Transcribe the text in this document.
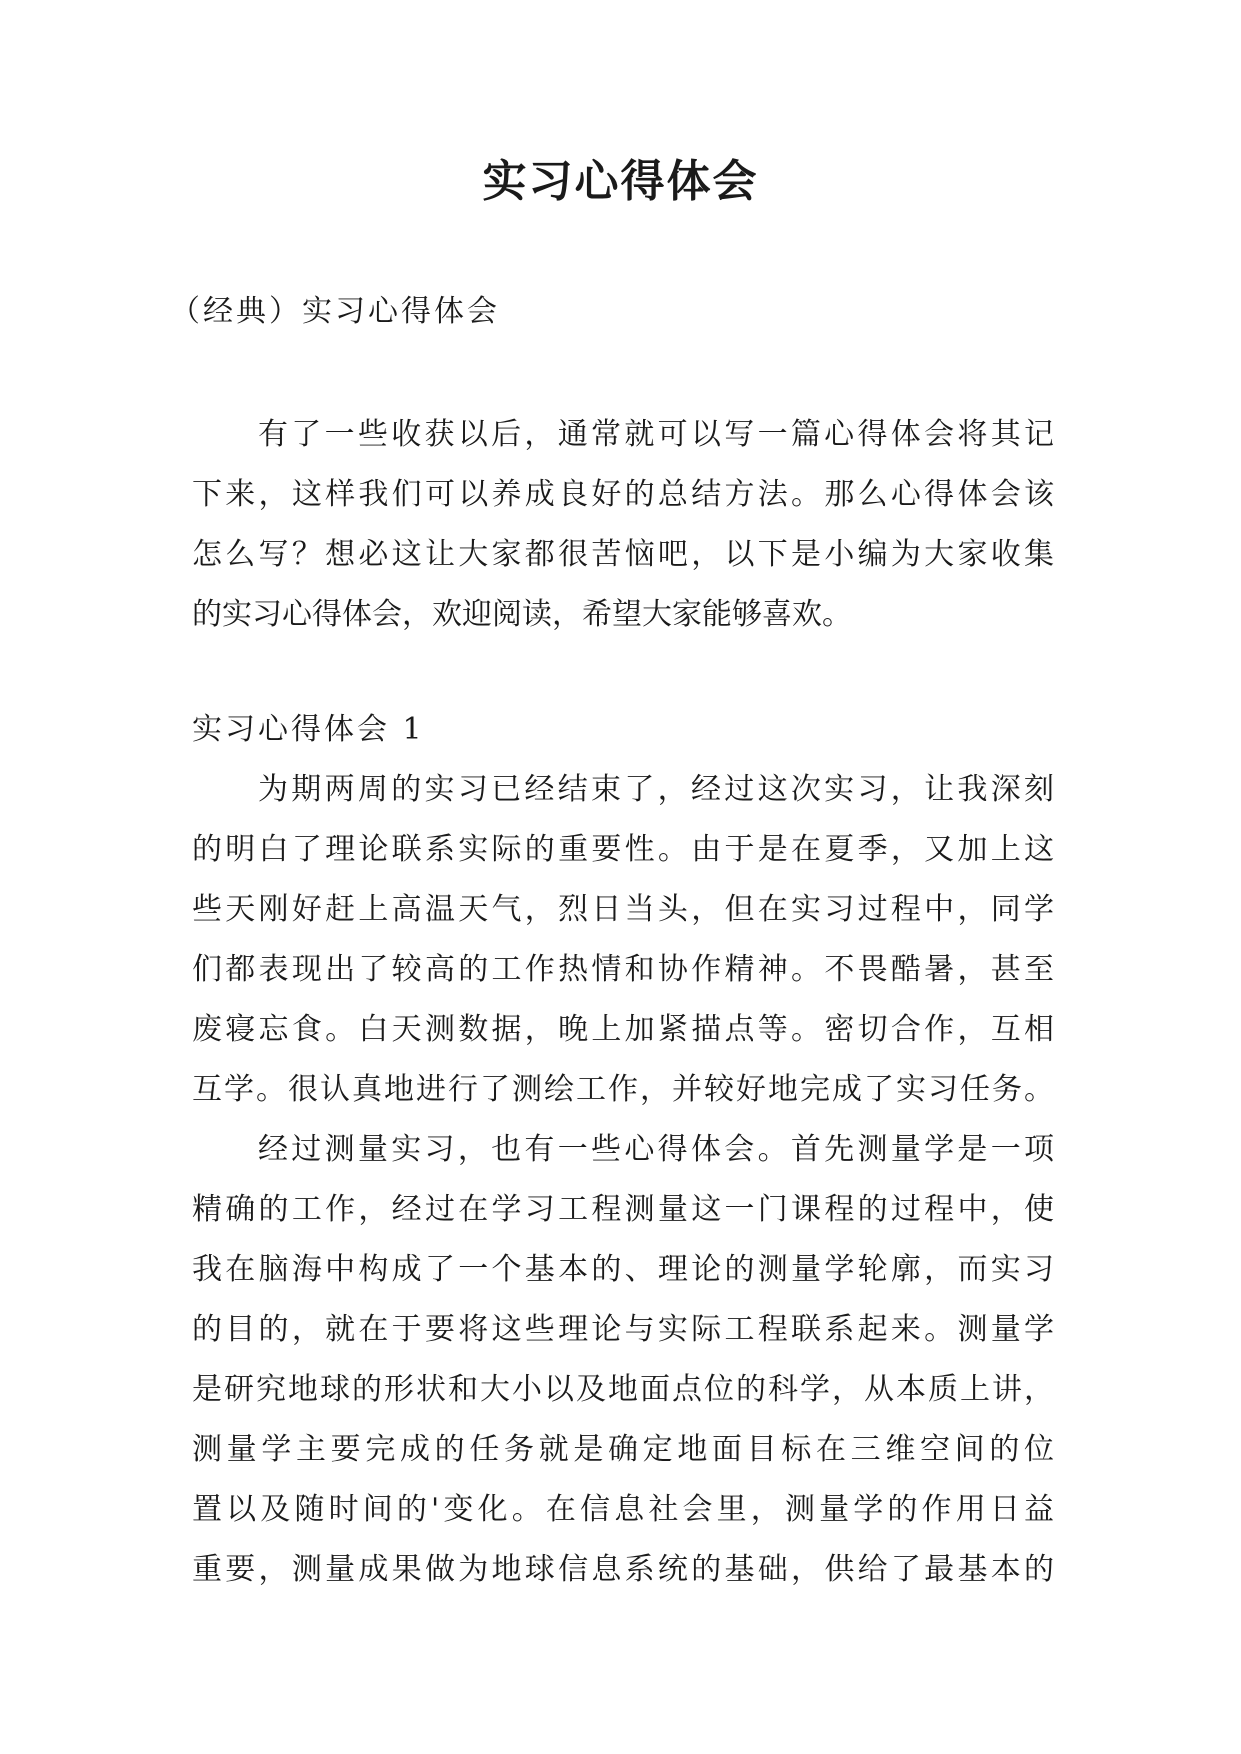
实习心得体会
（经典）实习心得体会
有了一些收获以后，通常就可以写一篇心得体会将其记
下来，这样我们可以养成良好的总结方法。那么心得体会该
怎么写？想必这让大家都很苦恼吧，以下是小编为大家收集
的实习心得体会，欢迎阅读，希望大家能够喜欢。
实习心得体会 1
为期两周的实习已经结束了，经过这次实习，让我深刻
的明白了理论联系实际的重要性。由于是在夏季，又加上这
些天刚好赶上高温天气，烈日当头，但在实习过程中，同学
们都表现出了较高的工作热情和协作精神。不畏酷暑，甚至
废寝忘食。白天测数据，晚上加紧描点等。密切合作，互相
互学。很认真地进行了测绘工作，并较好地完成了实习任务。
经过测量实习，也有一些心得体会。首先测量学是一项
精确的工作，经过在学习工程测量这一门课程的过程中，使
我在脑海中构成了一个基本的、理论的测量学轮廓，而实习
的目的，就在于要将这些理论与实际工程联系起来。测量学
是研究地球的形状和大小以及地面点位的科学，从本质上讲，
测量学主要完成的任务就是确定地面目标在三维空间的位
置以及随时间的'变化。在信息社会里，测量学的作用日益
重要，测量成果做为地球信息系统的基础，供给了最基本的
